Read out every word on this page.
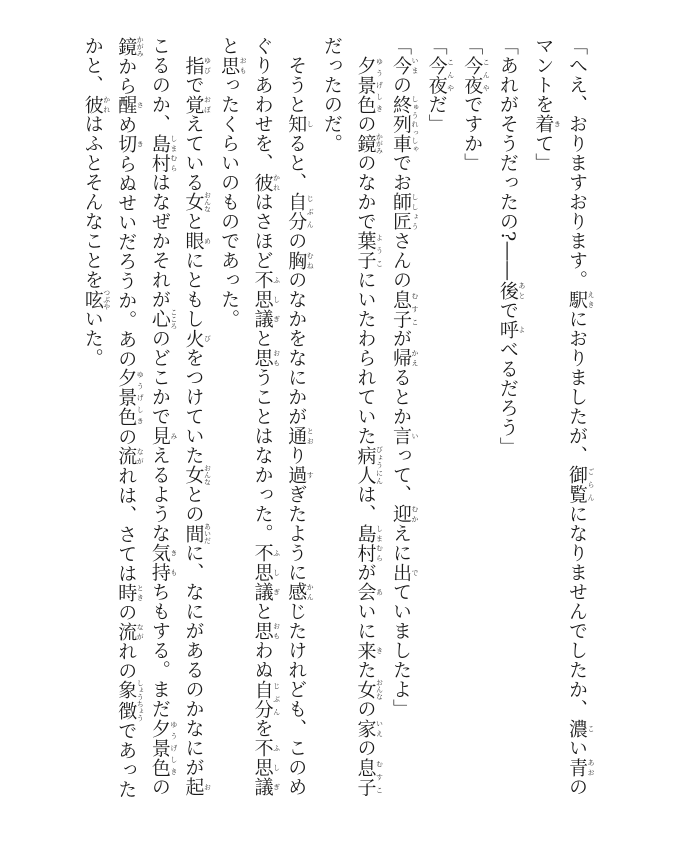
「へえ、おりますおります。駅 えきにおりましたが、御覧 ごらんになりませんでしたか、濃 こい青 あおのマントを着 きて」

「あれがそうだったの?――後 あとで呼 よべるだろう」

「今夜 こんやですか」

「今夜 こんやだ」

「今 いまの終列車 しゅうれっしゃでお師匠 ししょうさんの息子 むすこが帰 かえるとか言 いって、迎 むかえに出 でていましたよ」

夕景色 ゆうげしきの鏡 かがみのなかで葉子 ようこにいたわられていた病人 びょうにんは、島村 しまむらが会 あいに来 きた女 おんなの家 いえの息子 むすこだったのだ。

そうと知 しると、自分 じぶんの胸 むねのなかをなにかが通 とおり過 すぎたように感 かんじたけれども、このめぐりあわせを、彼 かれはさほど不思議 ふしぎと思 おもうことはなかった。不思議 ふしぎと思 おもわぬ自分 じぶんを不思議 ふしぎと思 おもったくらいのものであった。

指 ゆびで覚 おぼえている女 おんなと眼 めにともし火 びをつけていた女 おんなとの間 あいだに、なにがあるのかなにが起 おこるのか、島村 しまむらはなぜかそれが心 こころのどこかで見 みえるような気持 きもちもする。まだ夕景色 ゆうげしきの鏡 かがみから醒 さめ切 きらぬせいだろうか。あの夕景色 ゆうげしきの流 ながれは、さては時 ときの流 ながれの象徴 しょうちょうであったかと、彼 かれはふとそんなことを呟 つぶやいた。
